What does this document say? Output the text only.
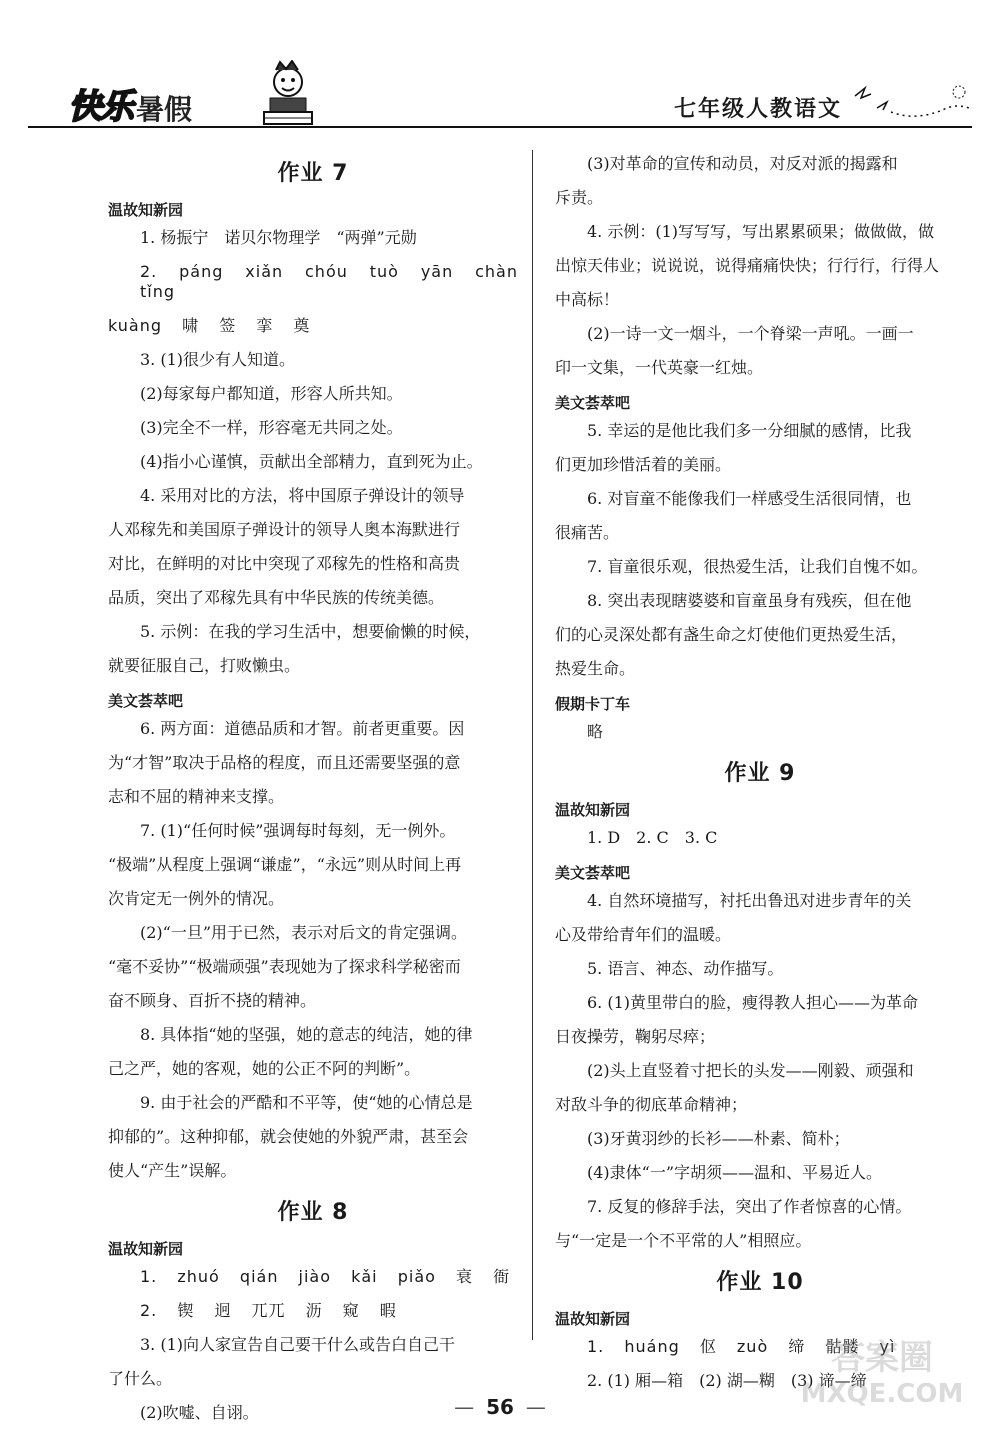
快乐 暑假	七年级人教语文
作业 7
温故知新园

1. 杨振宁　诺贝尔物理学　“两弹”元勋

2. páng xiǎn chóu tuò yān chàn tǐng

kuàng 啸 签 挛 奠

3. (1)很少有人知道。

(2)每家每户都知道，形容人所共知。

(3)完全不一样，形容毫无共同之处。

(4)指小心谨慎，贡献出全部精力，直到死为止。

4. 采用对比的方法，将中国原子弹设计的领导

人邓稼先和美国原子弹设计的领导人奥本海默进行

对比，在鲜明的对比中突现了邓稼先的性格和高贵

品质，突出了邓稼先具有中华民族的传统美德。

5. 示例：在我的学习生活中，想要偷懒的时候，

就要征服自己，打败懒虫。

美文荟萃吧

6. 两方面：道德品质和才智。前者更重要。因

为“才智”取决于品格的程度，而且还需要坚强的意

志和不屈的精神来支撑。

7. (1)“任何时候”强调每时每刻，无一例外。

“极端”从程度上强调“谦虚”，“永远”则从时间上再

次肯定无一例外的情况。

(2)“一旦”用于已然，表示对后文的肯定强调。

“毫不妥协”“极端顽强”表现她为了探求科学秘密而

奋不顾身、百折不挠的精神。

8. 具体指“她的坚强，她的意志的纯洁，她的律

己之严，她的客观，她的公正不阿的判断”。

9. 由于社会的严酷和不平等，使“她的心情总是

抑郁的”。这种抑郁，就会使她的外貌严肃，甚至会

使人“产生”误解。

作业 8
温故知新园

1. zhuó qián jiào kǎi piǎo 衰 衙

2. 锲 迥 兀兀 沥 窥 暇

3. (1)向人家宣告自己要干什么或告白自己干

了什么。

(2)吹嘘、自诩。

(3)对革命的宣传和动员，对反对派的揭露和

斥责。

4. 示例：(1)写写写，写出累累硕果；做做做，做

出惊天伟业；说说说，说得痛痛快快；行行行，行得人

中高标！

(2)一诗一文一烟斗，一个脊梁一声吼。一画一

印一文集，一代英豪一红烛。

美文荟萃吧

5. 幸运的是他比我们多一分细腻的感情，比我

们更加珍惜活着的美丽。

6. 对盲童不能像我们一样感受生活很同情，也

很痛苦。

7. 盲童很乐观，很热爱生活，让我们自愧不如。

8. 突出表现瞎婆婆和盲童虽身有残疾，但在他

们的心灵深处都有盏生命之灯使他们更热爱生活，

热爱生命。

假期卡丁车

略

作业 9
温故知新园

1. D　2. C　3. C

美文荟萃吧

4. 自然环境描写，衬托出鲁迅对进步青年的关

心及带给青年们的温暖。

5. 语言、神态、动作描写。

6. (1)黄里带白的脸，瘦得教人担心——为革命

日夜操劳，鞠躬尽瘁；

(2)头上直竖着寸把长的头发——刚毅、顽强和

对敌斗争的彻底革命精神；

(3)牙黄羽纱的长衫——朴素、简朴；

(4)隶体“一”字胡须——温和、平易近人。

7. 反复的修辞手法，突出了作者惊喜的心情。

与“一定是一个不平常的人”相照应。

作业 10
温故知新园

1. huáng 伛 zuò 缔 骷髅 yì

2. (1) 厢—箱　(2) 湖—糊　(3) 谛—缔

— 56 —
答案圈
MXQE.COM
